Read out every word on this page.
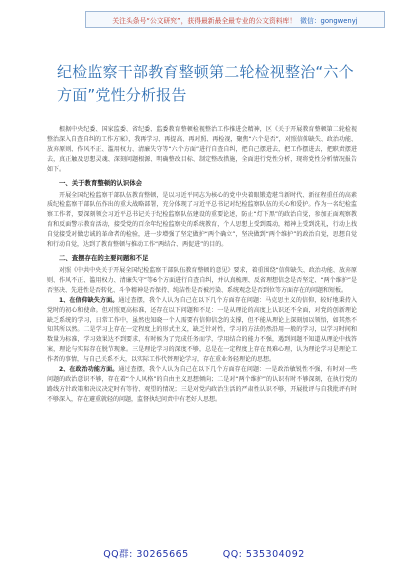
关注头条号“公文研究”，获得最新最全最专业的公文资料库！ 微信：gongwenyj
纪检监察干部教育整顿第二轮检视整治“六个
方面”党性分析报告

根据中央纪委、国家监委、省纪委、监委教育整顿检视整治工作推进会精神，区《关于开展教育整顿第二轮检视整治深入自查自纠的工作方案》，我再学习、再提高、再对照、再检视，聚焦“六个是否”，对照信仰缺失、政治功能、放弃原则、作风不正、滥用权力、清廉失守等“六个方面”进行自查自纠，把自己摆进去，把工作摆进去，把职责摆进去，真正触及思想灵魂、深刻问题根源、明确整改目标、制定整改措施，全面进行党性分析，现将党性分析情况报告如下。

一、关于教育整顿的认识体会

开展全国纪检监察干部队伍教育整顿，是以习近平同志为核心的党中央着眼锻造堪当新时代、新征程重任的高素质纪检监察干部队伍作出的重大战略部署，充分体现了习近平总书记对纪检监察队伍的关心和爱护。作为一名纪检监察工作者，要深刻领会习近平总书记关于纪检监察队伍建设的重要论述，防止“灯下黑”的政治自觉，参加正面观察教育和反面警示教育活动，接受党的百余年纪检监察史的系统教育，个人思想上受到震动，精神上受到洗礼，行动上找自觉接受对做忠诚的革命者的检验，进一步增强了坚定做护“两个确立”，坚决做到“两个维护”的政治自觉，思想自觉和行动自觉，达到了教育整顿与推动工作“两结合、两促进”的目的。

二、查摆存在的主要问题和不足

对照《中共中央关于开展全国纪检监察干部队伍教育整顿的意见》要求，着重围绕“信仰缺失、政治功能、放弃原则、作风不正、滥用权力、清廉失守”等6个方面进行自查自纠，并认真梳理、反省理想信念是否坚定、“两个维护”是否坚决、先进性是否转化、斗争精神是否保持、纯洁性是否被污染、系统观念是否到位等方面存在的问题和短板。

1、在信仰缺失方面。通过查摆，我个人认为自己在以下几个方面存在问题：马克思主义的信仰，较好地秉持入党时的初心和使命。但对照更高标准，还存在以下问题和不足：一是从理论的高度上认识还不全面，对党的创新理论缺乏系统的学习，日常工作中，虽然也知晓一个人需要有信仰信念的支撑，但不能从理论上深刻加以领悟，如其然不知其所以然。二是学习上存在一定程度上的形式主义，缺乏针对性，学习的方法仍然沿用一般的学习，以学习时间和数量为标准，学习效果达不到要求，有时候为了完成任务而学，学用结合的能力不强，遇到问题不知道从理论中找答案，理论与实际存在脱节现象。三是理论学习的深度不够，总是在一定程度上存在畏难心理，认为理论学习是理论工作者的事情，与自己关系不大，以实际工作代替理论学习，存在重业务轻理论的思想。

2、在政治功能方面。通过查摆，我个人认为自己在以下几个方面存在问题：一是政治敏锐性不强，有时对一些问题的政治意识不够，存在着“个人风格”的自由主义思想倾向；二是对“两个维护”的认识有时不够深刻，在执行党的路线方针政策和决议决定时有等待、观望的情况；三是对党内政治生活的严肃性认识不够，开展批评与自我批评有时不够深入，存在避重就轻的问题，监督执纪问责中有老好人思想。

QQ群: 30265665	QQ: 535304092
